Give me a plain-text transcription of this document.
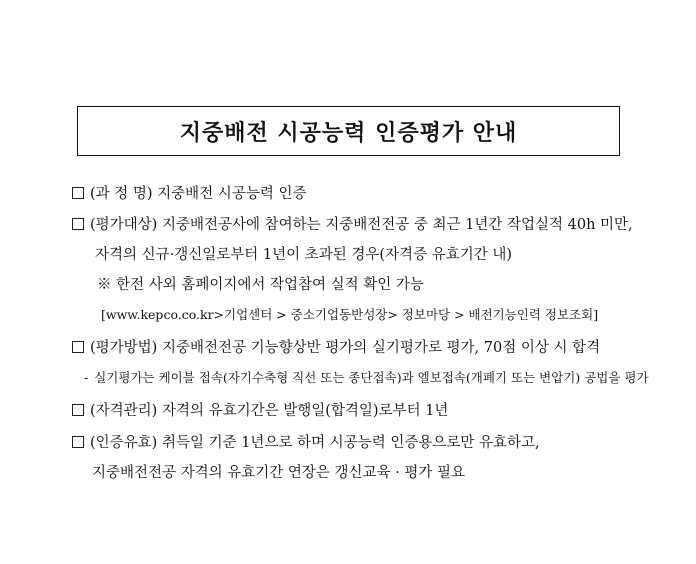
지중배전 시공능력 인증평가 안내
(과 정 명) 지중배전 시공능력 인증
(평가대상) 지중배전공사에 참여하는 지중배전전공 중 최근 1년간 작업실적 40h 미만,
자격의 신규·갱신일로부터 1년이 초과된 경우(자격증 유효기간 내)
※ 한전 사외 홈페이지에서 작업참여 실적 확인 가능
[www.kepco.co.kr>기업센터 > 중소기업동반성장> 정보마당 > 배전기능인력 정보조회]
(평가방법) 지중배전전공 기능향상반 평가의 실기평가로 평가, 70점 이상 시 합격
- 실기평가는 케이블 접속(자기수축형 직선 또는 종단접속)과 엘보접속(개폐기 또는 변압기) 공법을 평가
(자격관리) 자격의 유효기간은 발행일(합격일)로부터 1년
(인증유효) 취득일 기준 1년으로 하며 시공능력 인증용으로만 유효하고,
지중배전전공 자격의 유효기간 연장은 갱신교육 · 평가 필요
